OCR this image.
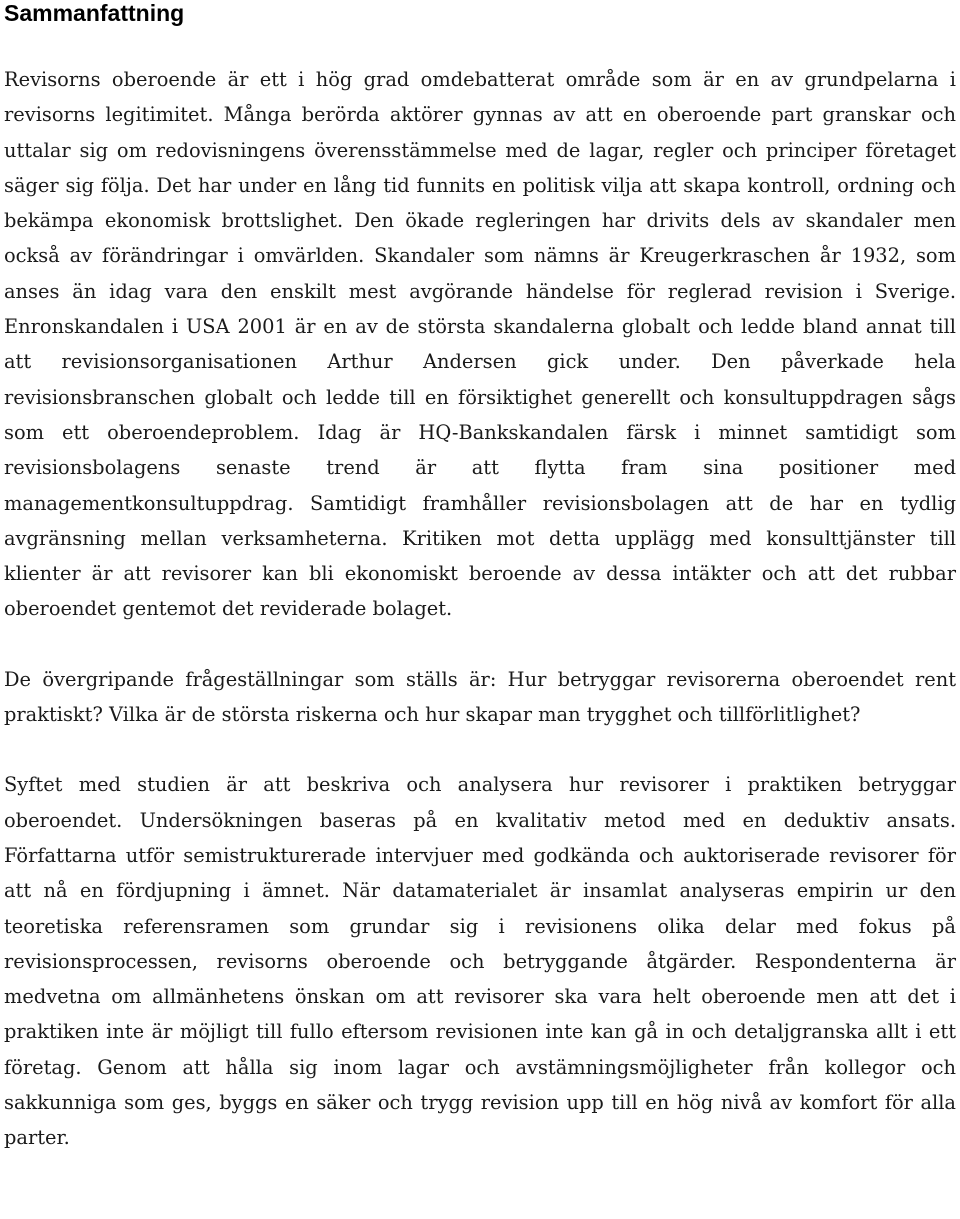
Sammanfattning

Revisorns oberoende är ett i hög grad omdebatterat område som är en av grundpelarna i revisorns legitimitet. Många berörda aktörer gynnas av att en oberoende part granskar och uttalar sig om redovisningens överensstämmelse med de lagar, regler och principer företaget säger sig följa. Det har under en lång tid funnits en politisk vilja att skapa kontroll, ordning och bekämpa ekonomisk brottslighet. Den ökade regleringen har drivits dels av skandaler men också av förändringar i omvärlden. Skandaler som nämns är Kreugerkraschen år 1932, som anses än idag vara den enskilt mest avgörande händelse för reglerad revision i Sverige. Enronskandalen i USA 2001 är en av de största skandalerna globalt och ledde bland annat till att revisionsorganisationen Arthur Andersen gick under. Den påverkade hela revisionsbranschen globalt och ledde till en försiktighet generellt och konsultuppdragen sågs som ett oberoendeproblem. Idag är HQ-Bankskandalen färsk i minnet samtidigt som revisionsbolagens senaste trend är att flytta fram sina positioner med managementkonsultuppdrag. Samtidigt framhåller revisionsbolagen att de har en tydlig avgränsning mellan verksamheterna. Kritiken mot detta upplägg med konsulttjänster till klienter är att revisorer kan bli ekonomiskt beroende av dessa intäkter och att det rubbar oberoendet gentemot det reviderade bolaget.

De övergripande frågeställningar som ställs är: Hur betryggar revisorerna oberoendet rent praktiskt? Vilka är de största riskerna och hur skapar man trygghet och tillförlitlighet?

Syftet med studien är att beskriva och analysera hur revisorer i praktiken betryggar oberoendet. Undersökningen baseras på en kvalitativ metod med en deduktiv ansats. Författarna utför semistrukturerade intervjuer med godkända och auktoriserade revisorer för att nå en fördjupning i ämnet. När datamaterialet är insamlat analyseras empirin ur den teoretiska referensramen som grundar sig i revisionens olika delar med fokus på revisionsprocessen, revisorns oberoende och betryggande åtgärder. Respondenterna är medvetna om allmänhetens önskan om att revisorer ska vara helt oberoende men att det i praktiken inte är möjligt till fullo eftersom revisionen inte kan gå in och detaljgranska allt i ett företag. Genom att hålla sig inom lagar och avstämningsmöjligheter från kollegor och sakkunniga som ges, byggs en säker och trygg revision upp till en hög nivå av komfort för alla parter.
